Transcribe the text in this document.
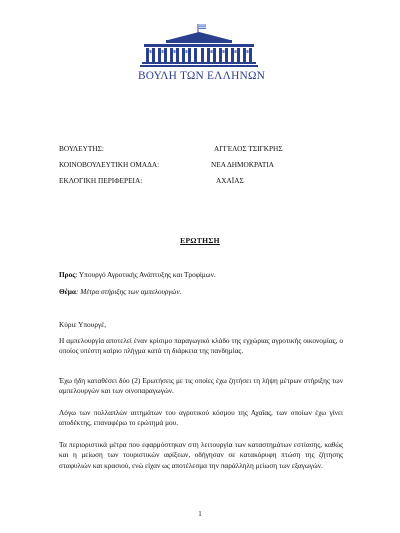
ΒΟΥΛΗ ΤΩΝ ΕΛΛΗΝΩΝ
ΒΟΥΛΕΥΤΗΣ:	ΑΓΓΕΛΟΣ ΤΣΙΓΚΡΗΣ
ΚΟΙΝΟΒΟΥΛΕΥΤΙΚΗ ΟΜΑΔΑ:	ΝΕΑ ΔΗΜΟΚΡΑΤΙΑ
ΕΚΛΟΓΙΚΗ ΠΕΡΙΦΕΡΕΙΑ:	ΑΧΑΪΑΣ
ΕΡΩΤΗΣΗ
Προς: Υπουργό Αγροτικής Ανάπτυξης και Τροφίμων.
Θέμα: Μέτρα στήριξης των αμπελουργών.
Κύριε Υπουργέ,
Η αμπελουργία αποτελεί έναν κρίσιμο παραγωγικό κλάδο της εγχώριας αγροτικής οικονομίας, ο οποίος υπέστη καίριο πλήγμα κατά τη διάρκεια της πανδημίας.
Έχω ήδη καταθέσει δύο (2) Ερωτήσεις με τις οποίες έχω ζητήσει τη λήψη μέτρων στήριξης των αμπελουργών και των οινοπαραγωγών.
Λόγω των πολλαπλών αιτημάτων του αγροτικού κόσμου της Αχαΐας, των οποίων έχω γίνει αποδέκτης, επαναφέρω το ερώτημά μου.
Τα περιοριστικά μέτρα που εφαρμόστηκαν στη λειτουργία των καταστημάτων εστίασης, καθώς και η μείωση των τουριστικών αφίξεων, οδήγησαν σε κατακόρυφη πτώση της ζήτησης σταφυλιών και κρασιού, ενώ είχαν ως αποτέλεσμα την παράλληλη μείωση των εξαγωγών.
1
